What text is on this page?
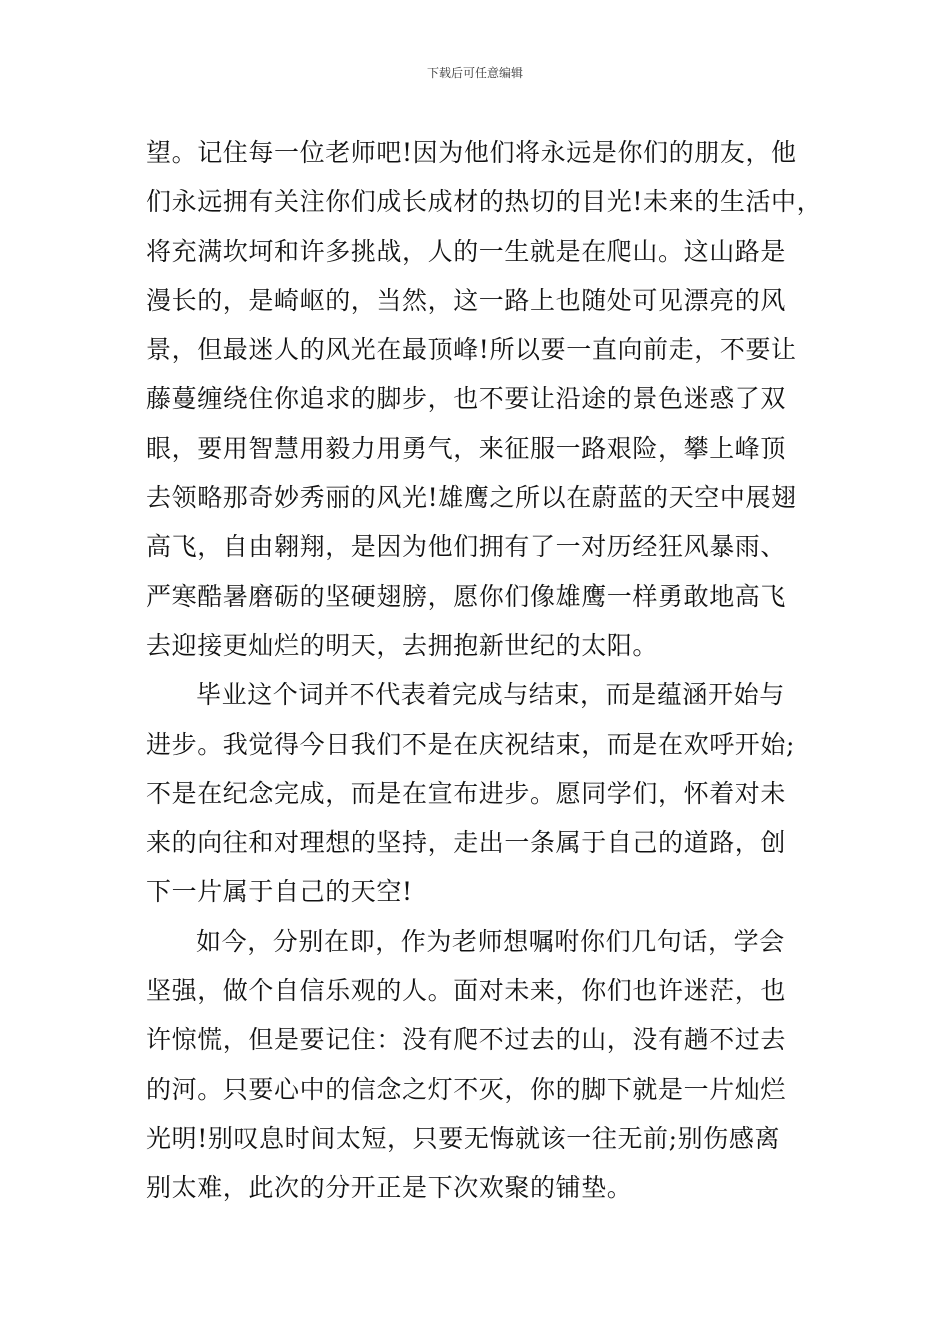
下载后可任意编辑
望。记住每一位老师吧!因为他们将永远是你们的朋友，他
们永远拥有关注你们成长成材的热切的目光!未来的生活中，
将充满坎坷和许多挑战，人的一生就是在爬山。这山路是
漫长的，是崎岖的，当然，这一路上也随处可见漂亮的风
景，但最迷人的风光在最顶峰!所以要一直向前走，不要让
藤蔓缠绕住你追求的脚步，也不要让沿途的景色迷惑了双
眼，要用智慧用毅力用勇气，来征服一路艰险，攀上峰顶
去领略那奇妙秀丽的风光!雄鹰之所以在蔚蓝的天空中展翅
高飞，自由翱翔，是因为他们拥有了一对历经狂风暴雨、
严寒酷暑磨砺的坚硬翅膀，愿你们像雄鹰一样勇敢地高飞
去迎接更灿烂的明天，去拥抱新世纪的太阳。
毕业这个词并不代表着完成与结束，而是蕴涵开始与
进步。我觉得今日我们不是在庆祝结束，而是在欢呼开始;
不是在纪念完成，而是在宣布进步。愿同学们，怀着对未
来的向往和对理想的坚持，走出一条属于自己的道路，创
下一片属于自己的天空!
如今，分别在即，作为老师想嘱咐你们几句话，学会
坚强，做个自信乐观的人。面对未来，你们也许迷茫，也
许惊慌，但是要记住：没有爬不过去的山，没有趟不过去
的河。只要心中的信念之灯不灭，你的脚下就是一片灿烂
光明!别叹息时间太短，只要无悔就该一往无前;别伤感离
别太难，此次的分开正是下次欢聚的铺垫。
